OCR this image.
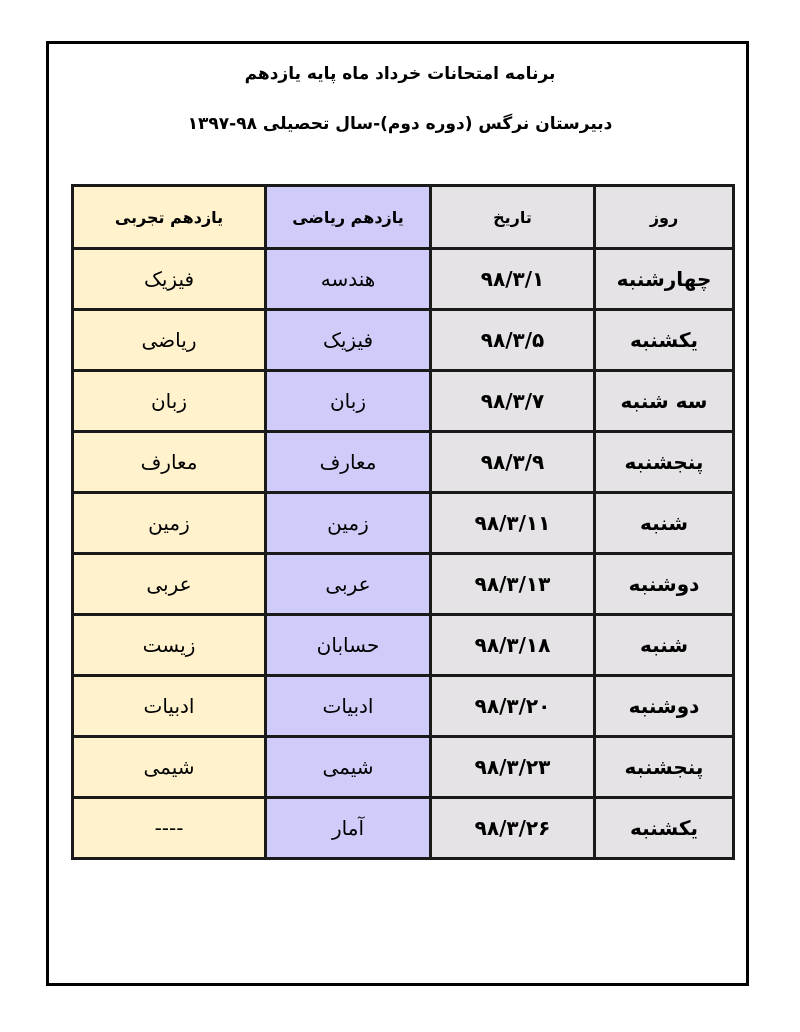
برنامه امتحانات خرداد ماه پایه یازدهم
دبیرستان نرگس (دوره دوم)-سال تحصیلی ۹۸-۱۳۹۷
یازدهم تجربی	یازدهم ریاضی	تاریخ	روز
فیزیک	هندسه	۹۸/۳/۱	چهارشنبه
ریاضی	فیزیک	۹۸/۳/۵	یکشنبه
زبان	زبان	۹۸/۳/۷	سه شنبه
معارف	معارف	۹۸/۳/۹	پنجشنبه
زمین	زمین	۹۸/۳/۱۱	شنبه
عربی	عربی	۹۸/۳/۱۳	دوشنبه
زیست	حسابان	۹۸/۳/۱۸	شنبه
ادبیات	ادبیات	۹۸/۳/۲۰	دوشنبه
شیمی	شیمی	۹۸/۳/۲۳	پنجشنبه
----	آمار	۹۸/۳/۲۶	یکشنبه
